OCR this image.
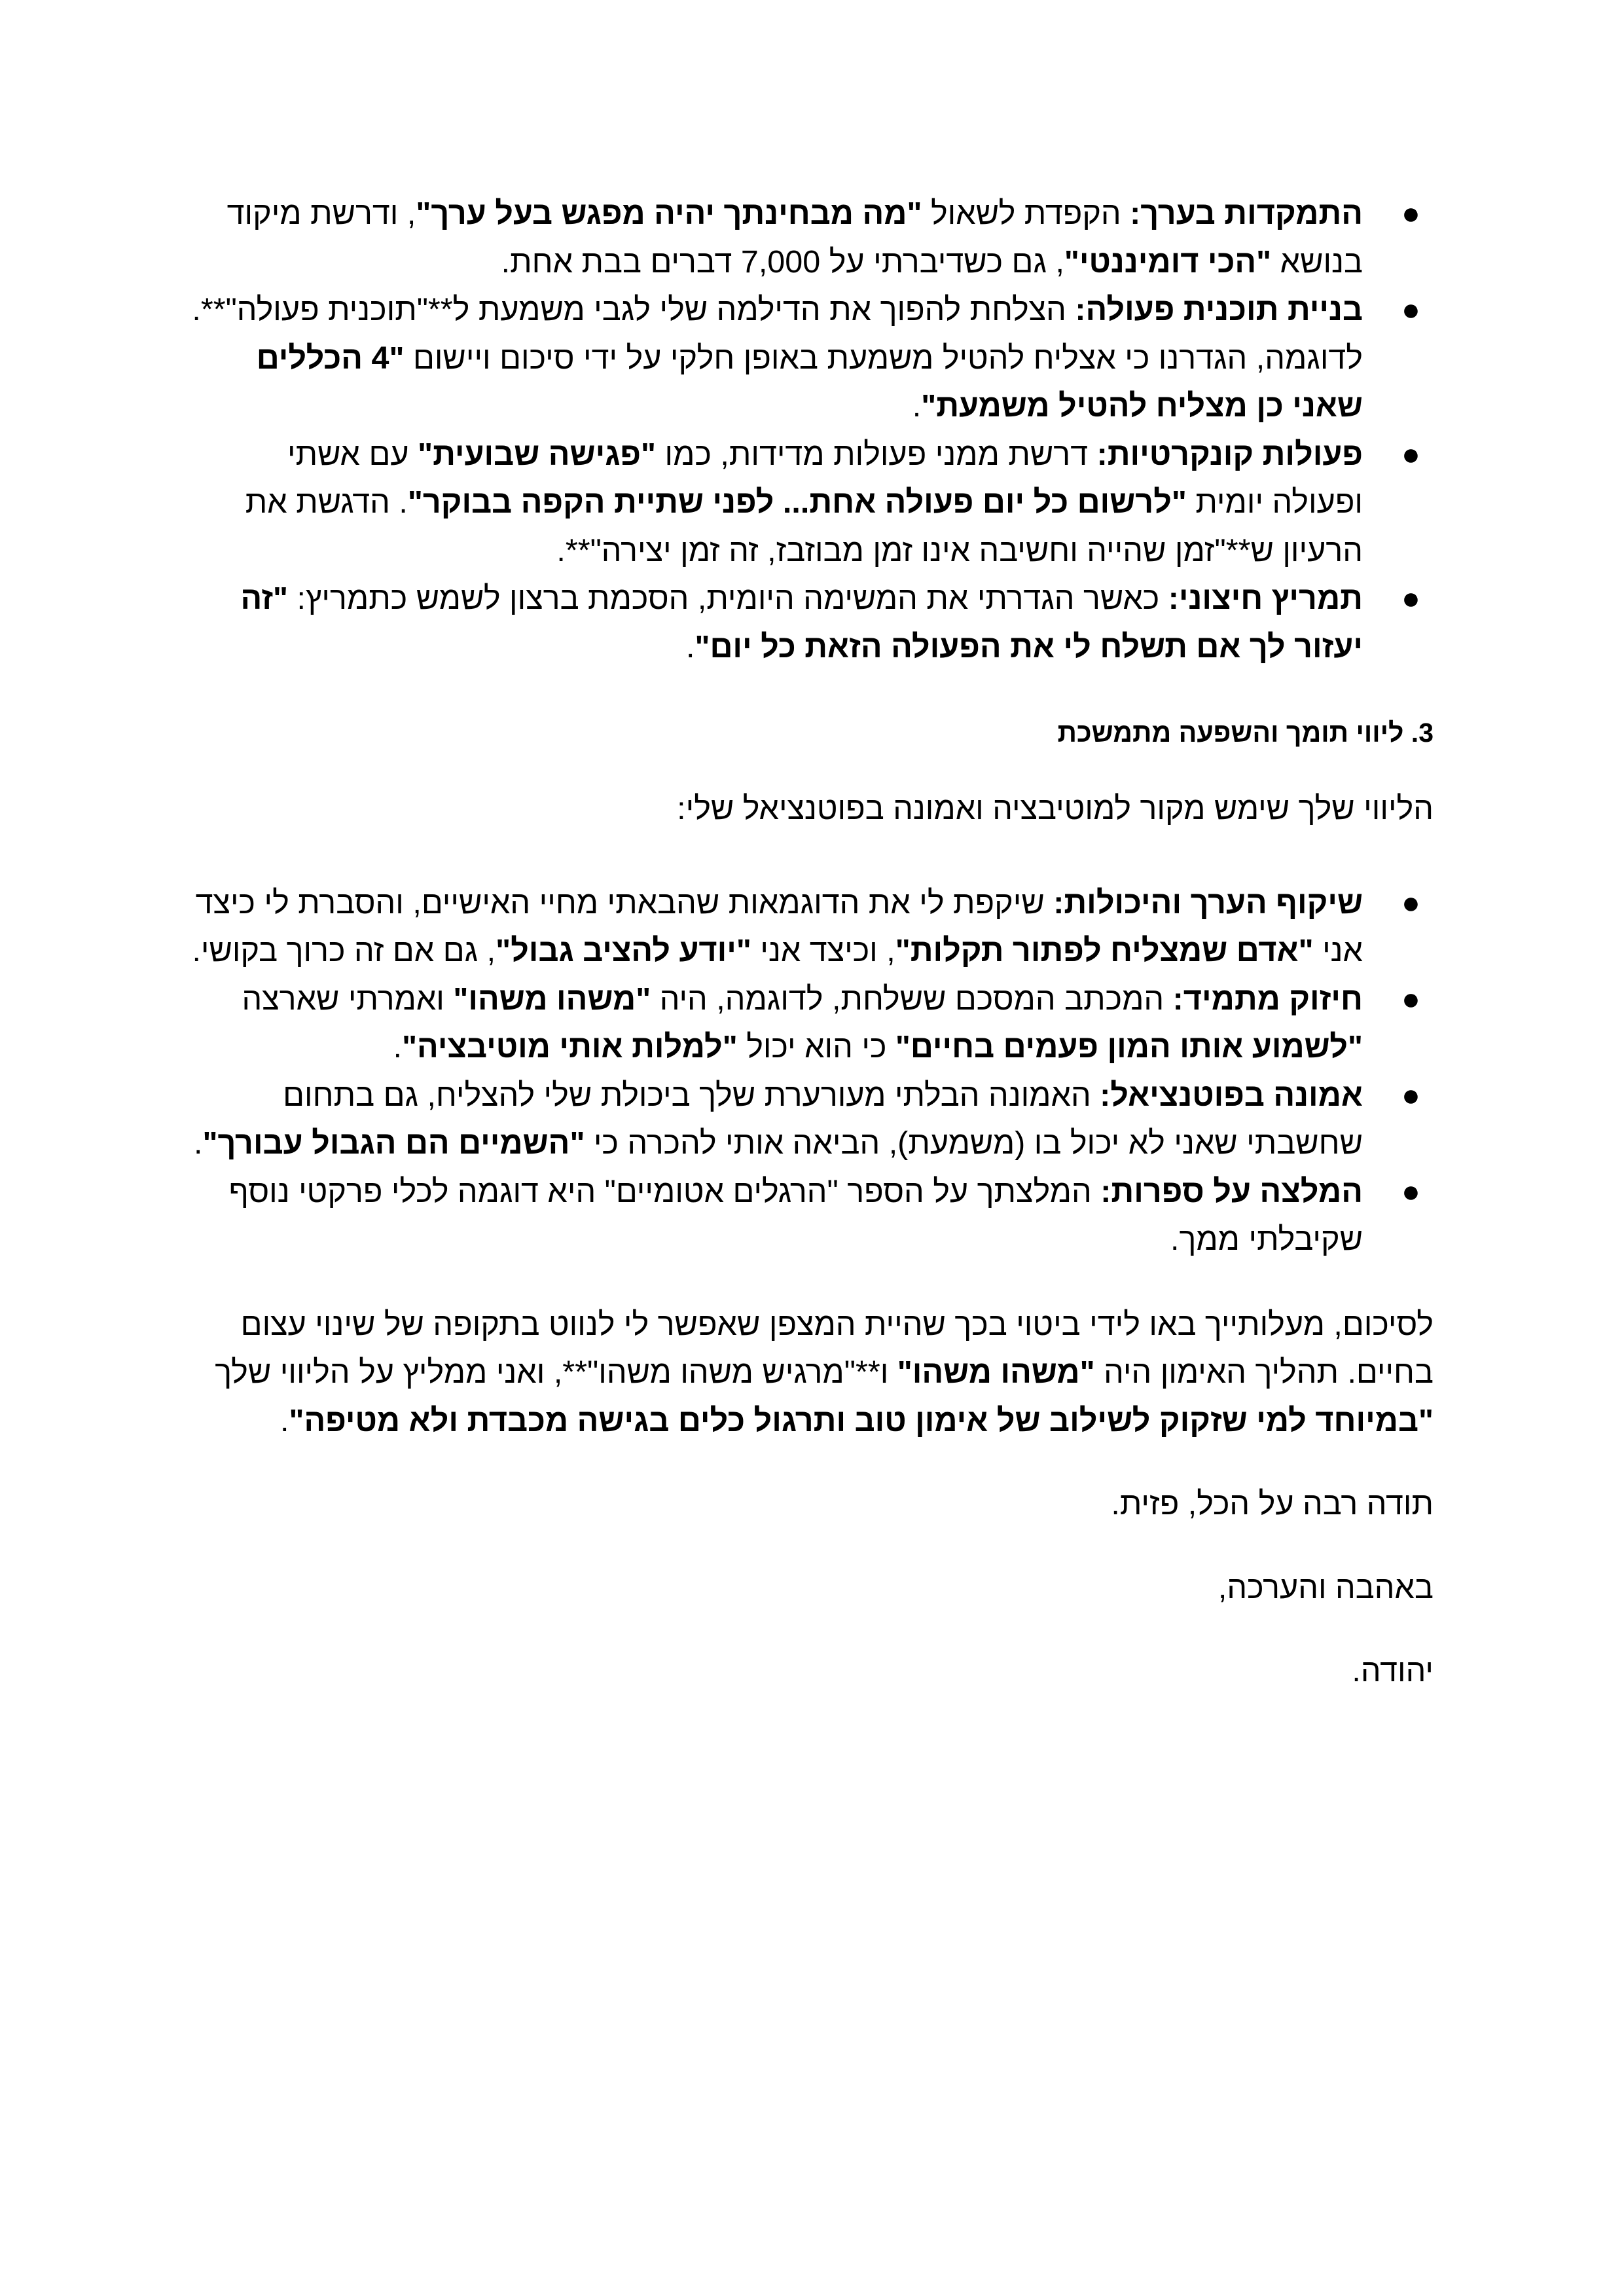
●
התמקדות בערך: הקפדת לשאול "מה מבחינתך יהיה מפגש בעל ערך", ודרשת מיקוד בנושא "הכי דומיננטי", גם כשדיברתי על 7,000 דברים בבת אחת.
●
בניית תוכנית פעולה: הצלחת להפוך את הדילמה שלי לגבי משמעת ל**"תוכנית פעולה"**. לדוגמה, הגדרנו כי אצליח להטיל משמעת באופן חלקי על ידי סיכום ויישום "4 הכללים שאני כן מצליח להטיל משמעת".
●
פעולות קונקרטיות: דרשת ממני פעולות מדידות, כמו "פגישה שבועית" עם אשתי ופעולה יומית "לרשום כל יום פעולה אחת... לפני שתיית הקפה בבוקר". הדגשת את הרעיון ש**"זמן שהייה וחשיבה אינו זמן מבוזבז, זה זמן יצירה"**.
●
תמריץ חיצוני: כאשר הגדרתי את המשימה היומית, הסכמת ברצון לשמש כתמריץ: "זה יעזור לך אם תשלח לי את הפעולה הזאת כל יום".

3. ליווי תומך והשפעה מתמשכת

הליווי שלך שימש מקור למוטיבציה ואמונה בפוטנציאל שלי:

●
שיקוף הערך והיכולות: שיקפת לי את הדוגמאות שהבאתי מחיי האישיים, והסברת לי כיצד אני "אדם שמצליח לפתור תקלות", וכיצד אני "יודע להציב גבול", גם אם זה כרוך בקושי.
●
חיזוק מתמיד: המכתב המסכם ששלחת, לדוגמה, היה "משהו משהו" ואמרתי שארצה "לשמוע אותו המון פעמים בחיים" כי הוא יכול "למלות אותי מוטיבציה".
●
אמונה בפוטנציאל: האמונה הבלתי מעורערת שלך ביכולת שלי להצליח, גם בתחום שחשבתי שאני לא יכול בו (משמעת), הביאה אותי להכרה כי "השמיים הם הגבול עבורך".
●
המלצה על ספרות: המלצתך על הספר "הרגלים אטומיים" היא דוגמה לכלי פרקטי נוסף שקיבלתי ממך.

לסיכום, מעלותייך באו לידי ביטוי בכך שהיית המצפן שאפשר לי לנווט בתקופה של שינוי עצום בחיים. תהליך האימון היה "משהו משהו" ו**"מרגיש משהו משהו"**, ואני ממליץ על הליווי שלך "במיוחד למי שזקוק לשילוב של אימון טוב ותרגול כלים בגישה מכבדת ולא מטיפה".

תודה רבה על הכל, פזית.

באהבה והערכה,

יהודה.
